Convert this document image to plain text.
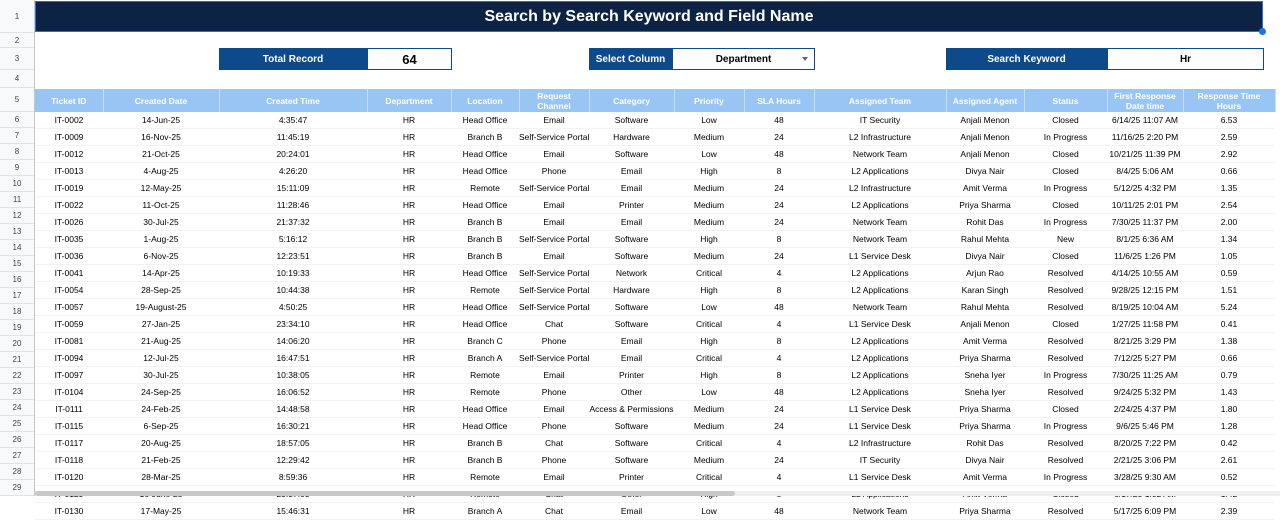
1
2
3
4
5
6
7
8
9
10
11
12
13
14
15
16
17
18
19
20
21
22
23
24
25
26
27
28
29
Search by Search Keyword and Field Name
Total Record	64	Select Column	Department	Search Keyword	Hr
Ticket ID	Created Date	Created Time	Department	Location	Request Channel	Category	Priority	SLA Hours	Assigned Team	Assigned Agent	Status	First Response Date time	Response Time Hours
IT-0002	14-Jun-25	4:35:47	HR	Head Office	Email	Software	Low	48	IT Security	Anjali Menon	Closed	6/14/25 11:07 AM	6.53
IT-0009	16-Nov-25	11:45:19	HR	Branch B	Self-Service Portal	Hardware	Medium	24	L2 Infrastructure	Anjali Menon	In Progress	11/16/25 2:20 PM	2.59
IT-0012	21-Oct-25	20:24:01	HR	Head Office	Email	Software	Low	48	Network Team	Anjali Menon	Closed	10/21/25 11:39 PM	2.92
IT-0013	4-Aug-25	4:26:20	HR	Head Office	Phone	Email	High	8	L2 Applications	Divya Nair	Closed	8/4/25 5:06 AM	0.66
IT-0019	12-May-25	15:11:09	HR	Remote	Self-Service Portal	Email	Medium	24	L2 Infrastructure	Amit Verma	In Progress	5/12/25 4:32 PM	1.35
IT-0022	11-Oct-25	11:28:46	HR	Head Office	Email	Printer	Medium	24	L2 Applications	Priya Sharma	Closed	10/11/25 2:01 PM	2.54
IT-0026	30-Jul-25	21:37:32	HR	Branch B	Email	Email	Medium	24	Network Team	Rohit Das	In Progress	7/30/25 11:37 PM	2.00
IT-0035	1-Aug-25	5:16:12	HR	Branch B	Self-Service Portal	Software	High	8	Network Team	Rahul Mehta	New	8/1/25 6:36 AM	1.34
IT-0036	6-Nov-25	12:23:51	HR	Branch B	Email	Software	Medium	24	L1 Service Desk	Divya Nair	Closed	11/6/25 1:26 PM	1.05
IT-0041	14-Apr-25	10:19:33	HR	Head Office	Self-Service Portal	Network	Critical	4	L2 Applications	Arjun Rao	Resolved	4/14/25 10:55 AM	0.59
IT-0054	28-Sep-25	10:44:38	HR	Remote	Self-Service Portal	Hardware	High	8	L2 Applications	Karan Singh	Resolved	9/28/25 12:15 PM	1.51
IT-0057	19-August-25	4:50:25	HR	Head Office	Self-Service Portal	Software	Low	48	Network Team	Rahul Mehta	Resolved	8/19/25 10:04 AM	5.24
IT-0059	27-Jan-25	23:34:10	HR	Head Office	Chat	Software	Critical	4	L1 Service Desk	Anjali Menon	Closed	1/27/25 11:58 PM	0.41
IT-0081	21-Aug-25	14:06:20	HR	Branch C	Phone	Email	High	8	L2 Applications	Amit Verma	Resolved	8/21/25 3:29 PM	1.38
IT-0094	12-Jul-25	16:47:51	HR	Branch A	Self-Service Portal	Email	Critical	4	L2 Applications	Priya Sharma	Resolved	7/12/25 5:27 PM	0.66
IT-0097	30-Jul-25	10:38:05	HR	Remote	Email	Printer	High	8	L2 Applications	Sneha Iyer	In Progress	7/30/25 11:25 AM	0.79
IT-0104	24-Sep-25	16:06:52	HR	Remote	Phone	Other	Low	48	L2 Applications	Sneha Iyer	Resolved	9/24/25 5:32 PM	1.43
IT-0111	24-Feb-25	14:48:58	HR	Head Office	Email	Access & Permissions	Medium	24	L1 Service Desk	Priya Sharma	Closed	2/24/25 4:37 PM	1.80
IT-0115	6-Sep-25	16:30:21	HR	Head Office	Phone	Software	Medium	24	L1 Service Desk	Priya Sharma	In Progress	9/6/25 5:46 PM	1.28
IT-0117	20-Aug-25	18:57:05	HR	Branch B	Chat	Software	Critical	4	L2 Infrastructure	Rohit Das	Resolved	8/20/25 7:22 PM	0.42
IT-0118	21-Feb-25	12:29:42	HR	Branch B	Phone	Software	Medium	24	IT Security	Divya Nair	Resolved	2/21/25 3:06 PM	2.61
IT-0120	28-Mar-25	8:59:36	HR	Remote	Email	Printer	Critical	4	L1 Service Desk	Amit Verma	In Progress	3/28/25 9:30 AM	0.52

IT-0130	17-May-25	15:46:31	HR	Branch A	Chat	Email	Low	48	Network Team	Priya Sharma	Resolved	5/17/25 6:09 PM	2.39
